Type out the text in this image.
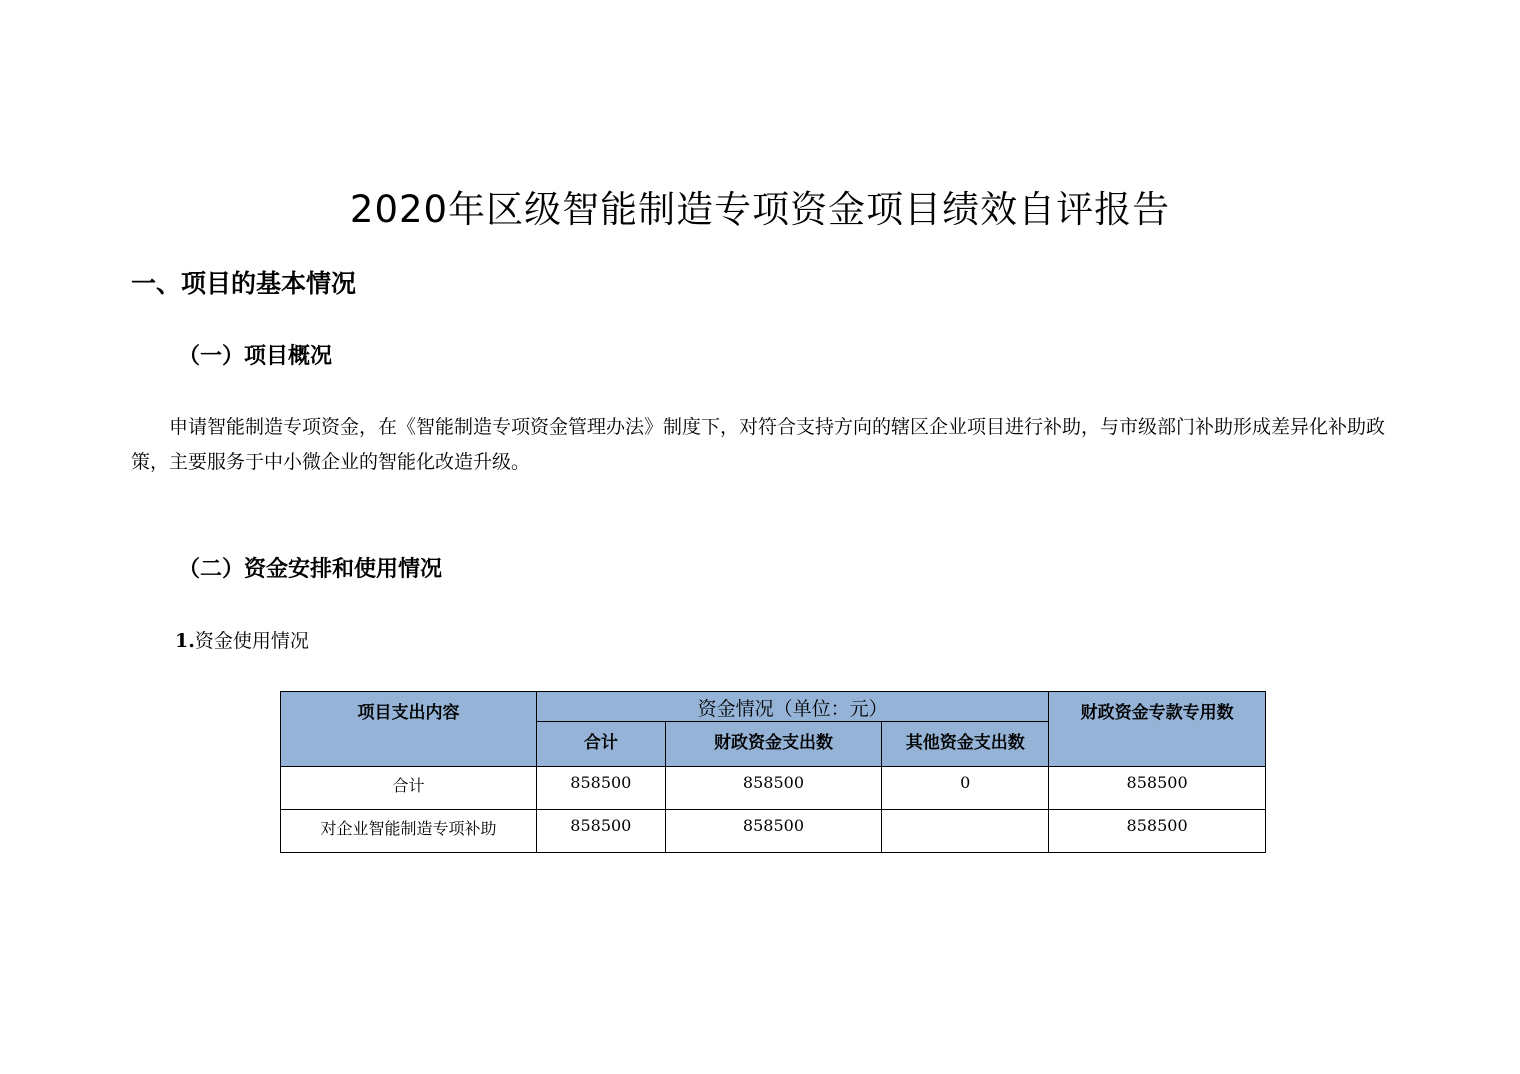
2020年区级智能制造专项资金项目绩效自评报告
一、项目的基本情况
（一）项目概况
申请智能制造专项资金，在《智能制造专项资金管理办法》制度下，对符合支持方向的辖区企业项目进行补助，与市级部门补助形成差异化补助政策，主要服务于中小微企业的智能化改造升级。
（二）资金安排和使用情况
1.资金使用情况
项目支出内容	资金情况（单位：元）			财政资金专款专用数
	合计	财政资金支出数	其他资金支出数	
合计	858500	858500	0	858500
对企业智能制造专项补助	858500	858500		858500
